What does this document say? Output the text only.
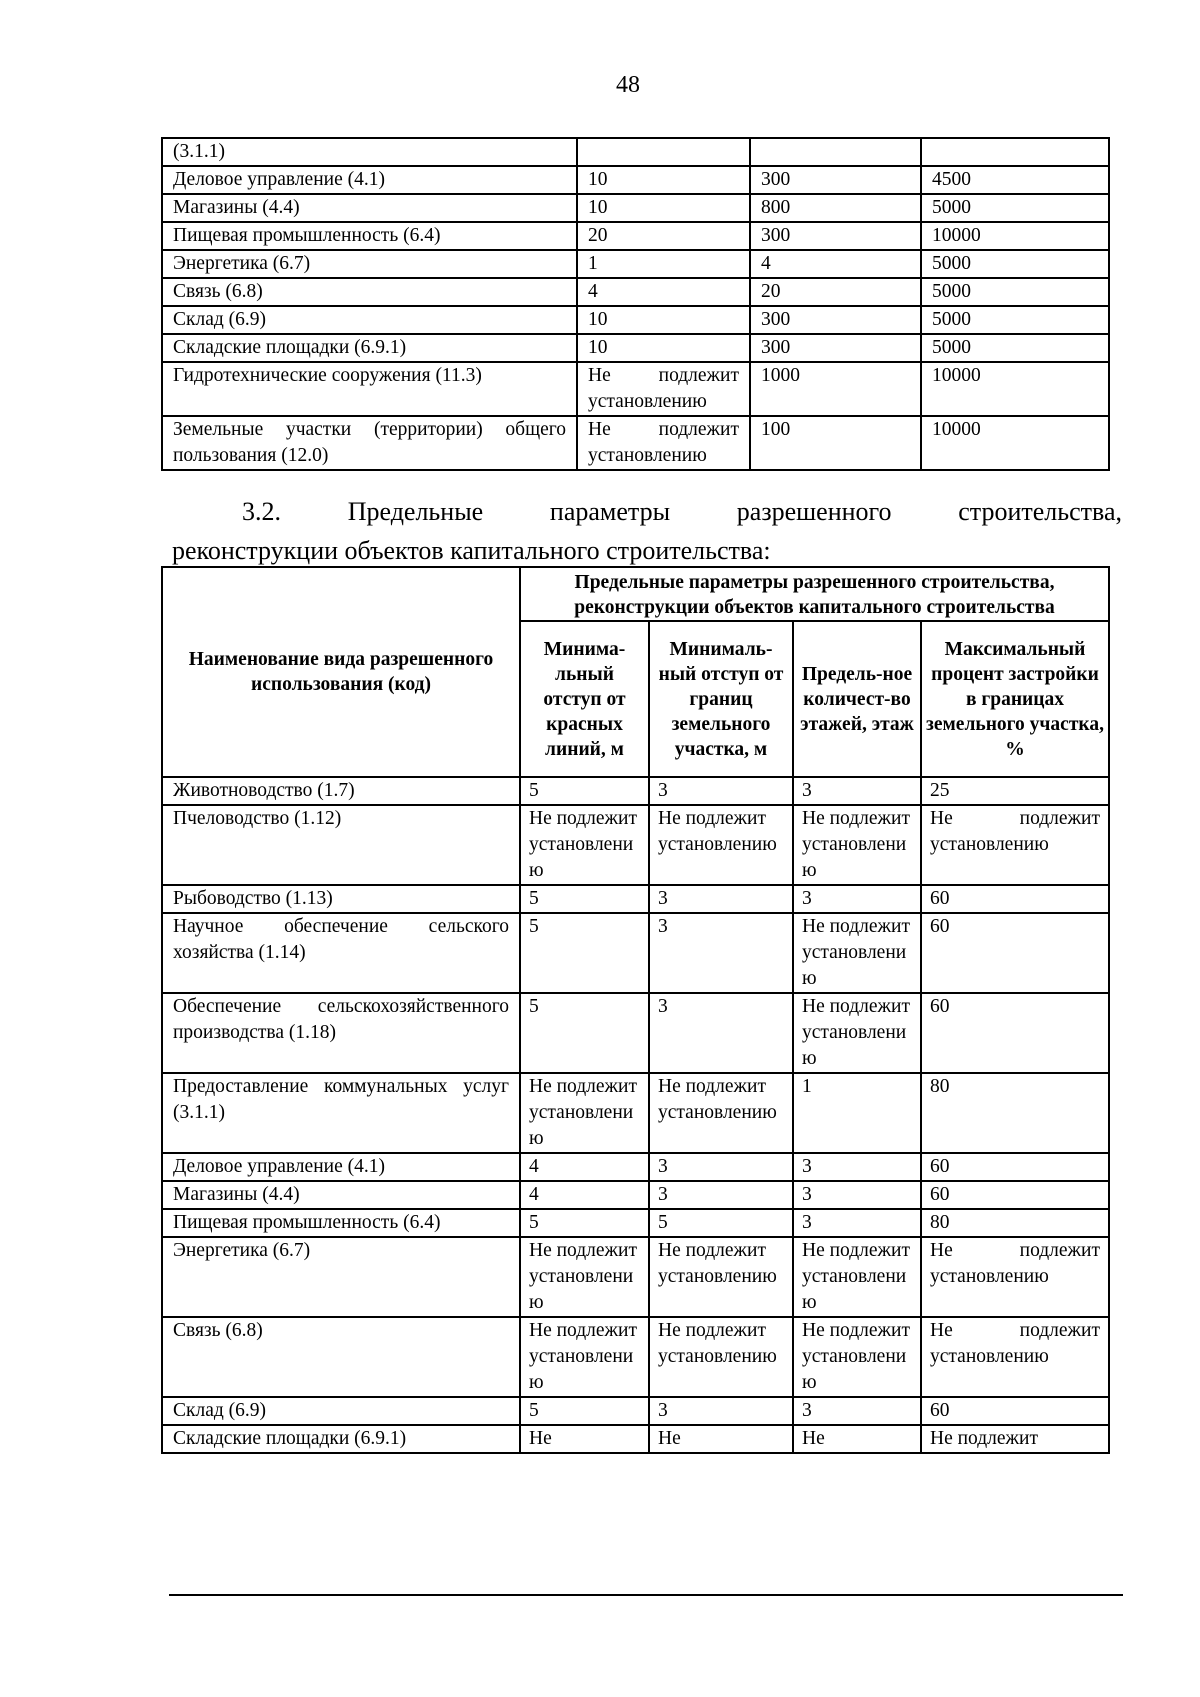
48
(3.1.1)			
Деловое управление (4.1)	10	300	4500
Магазины (4.4)	10	800	5000
Пищевая промышленность (6.4)	20	300	10000
Энергетика (6.7)	1	4	5000
Связь (6.8)	4	20	5000
Склад (6.9)	10	300	5000
Складские площадки (6.9.1)	10	300	5000
Гидротехнические сооружения (11.3)	Не подлежит установлению	1000	10000
Земельные участки (территории) общего пользования (12.0)	Не подлежит установлению	100	10000
3.2. Предельные параметры разрешенного строительства,
реконструкции объектов капитального строительства:
Наименование вида разрешенного использования (код)	Предельные параметры разрешенного строительства, реконструкции объектов капитального строительства			
	Минима-льный отступ от красных линий, м	Минималь-ный отступ от границ земельного участка, м	Предель-ное количест-во этажей, этаж	Максимальный процент застройки в границах земельного участка, %
Животноводство (1.7)	5	3	3	25
Пчеловодство (1.12)	Не подлежит установлению	Не подлежит установлению	Не подлежит установлению	Не подлежит установлению
Рыбоводство (1.13)	5	3	3	60
Научное обеспечение сельского хозяйства (1.14)	5	3	Не подлежит установлению	60
Обеспечение сельскохозяйственного производства (1.18)	5	3	Не подлежит установлению	60
Предоставление коммунальных услуг (3.1.1)	Не подлежит установлению	Не подлежит установлению	1	80
Деловое управление (4.1)	4	3	3	60
Магазины (4.4)	4	3	3	60
Пищевая промышленность (6.4)	5	5	3	80
Энергетика (6.7)	Не подлежит установлению	Не подлежит установлению	Не подлежит установлению	Не подлежит установлению
Связь (6.8)	Не подлежит установлению	Не подлежит установлению	Не подлежит установлению	Не подлежит установлению
Склад (6.9)	5	3	3	60
Складские площадки (6.9.1)	Не	Не	Не	Не подлежит
